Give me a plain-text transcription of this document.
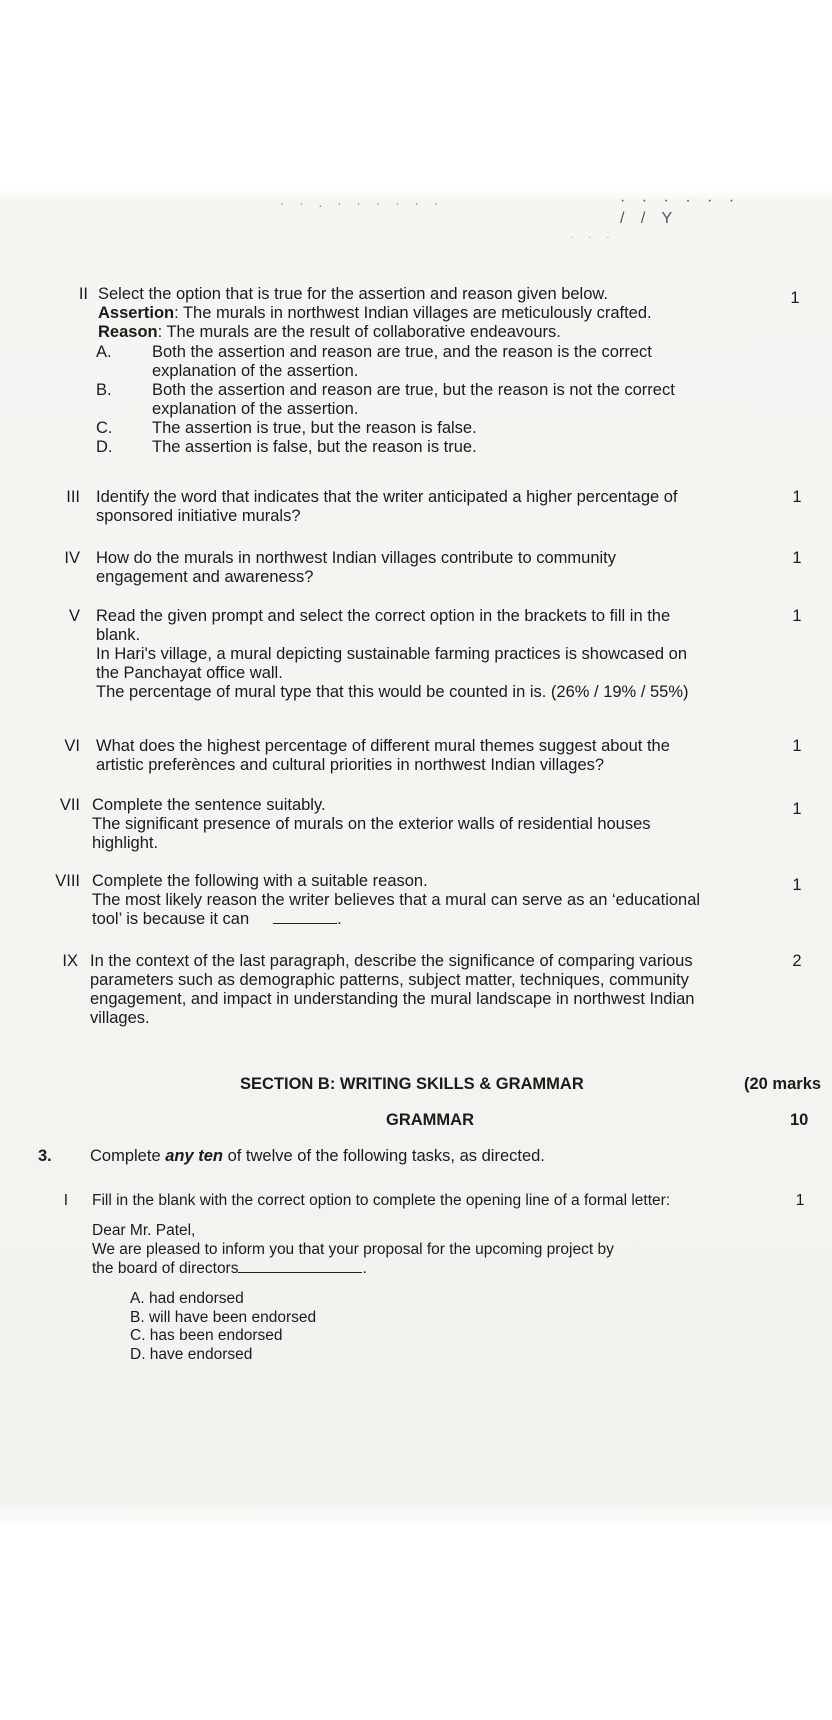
· · . · · · · · ·	· · · · · · / / Y
· · ·
II Select the option that is true for the assertion and reason given below.
Assertion: The murals in northwest Indian villages are meticulously crafted.
Reason: The murals are the result of collaborative endeavours.
1
A. Both the assertion and reason are true, and the reason is the correct
explanation of the assertion.
B. Both the assertion and reason are true, but the reason is not the correct
explanation of the assertion.
C. The assertion is true, but the reason is false.
D. The assertion is false, but the reason is true.
III Identify the word that indicates that the writer anticipated a higher percentage of
sponsored initiative murals?
1
IV How do the murals in northwest Indian villages contribute to community
engagement and awareness?
1
V Read the given prompt and select the correct option in the brackets to fill in the
blank.
In Hari's village, a mural depicting sustainable farming practices is showcased on
the Panchayat office wall.
The percentage of mural type that this would be counted in is. (26% / 19% / 55%)
1
VI What does the highest percentage of different mural themes suggest about the
artistic preferènces and cultural priorities in northwest Indian villages?
1
VII Complete the sentence suitably.
The significant presence of murals on the exterior walls of residential houses
highlight.
1
VIII Complete the following with a suitable reason.
The most likely reason the writer believes that a mural can serve as an ‘educational
tool’ is because it can	.
1
IX In the context of the last paragraph, describe the significance of comparing various
parameters such as demographic patterns, subject matter, techniques, community
engagement, and impact in understanding the mural landscape in northwest Indian
villages.
2
SECTION B: WRITING SKILLS & GRAMMAR	(20 marks
GRAMMAR	10
3.	Complete any ten of twelve of the following tasks, as directed.
I Fill in the blank with the correct option to complete the opening line of a formal letter:
Dear Mr. Patel,
We are pleased to inform you that your proposal for the upcoming project by
the board of directors	.
1
A. had endorsed
B. will have been endorsed
C. has been endorsed
D. have endorsed
